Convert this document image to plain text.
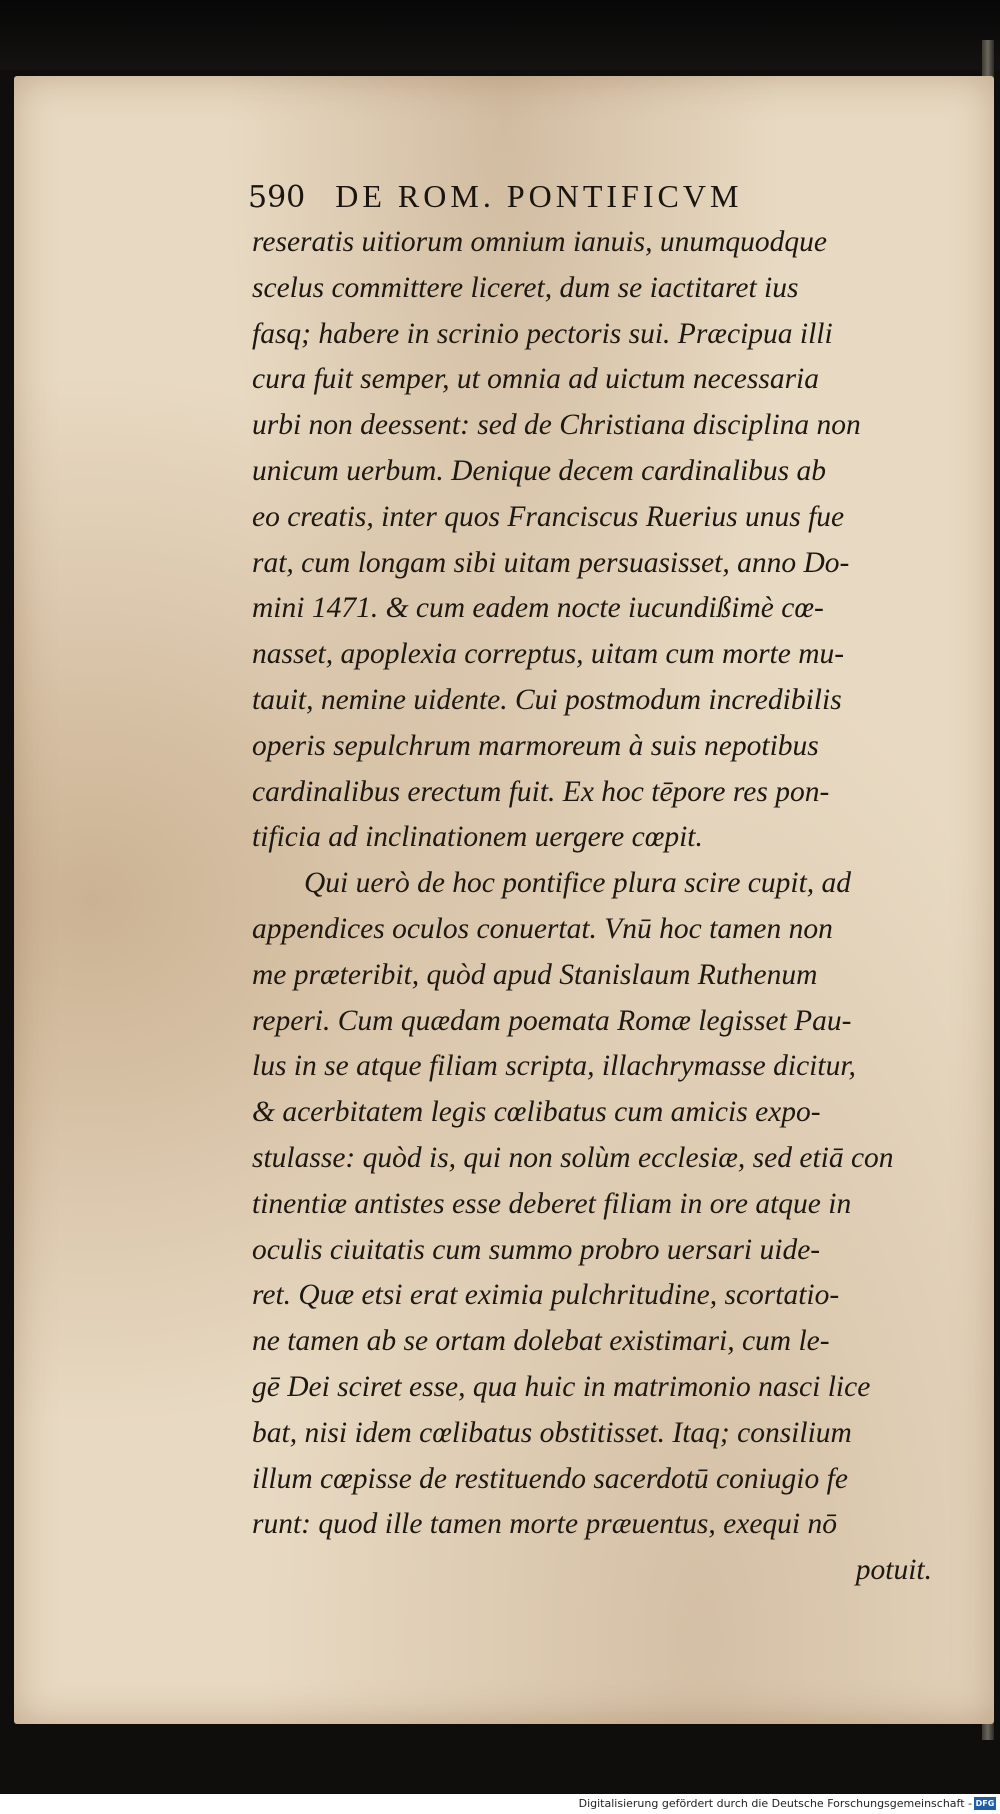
590 DE ROM. PONTIFICVM
reseratis uitiorum omnium ianuis, unumquodque
scelus committere liceret, dum se iactitaret ius
fasq; habere in scrinio pectoris sui. Præcipua illi
cura fuit semper, ut omnia ad uictum necessaria
urbi non deessent: sed de Christiana disciplina non
unicum uerbum. Denique decem cardinalibus ab
eo creatis, inter quos Franciscus Ruerius unus fue
rat, cum longam sibi uitam persuasisset, anno Do-
mini 1471. & cum eadem nocte iucundißimè cœ-
nasset, apoplexia correptus, uitam cum morte mu-
tauit, nemine uidente. Cui postmodum incredibilis
operis sepulchrum marmoreum à suis nepotibus
cardinalibus erectum fuit. Ex hoc tēpore res pon-
tificia ad inclinationem uergere cœpit.
Qui uerò de hoc pontifice plura scire cupit, ad
appendices oculos conuertat. Vnū hoc tamen non
me præteribit, quòd apud Stanislaum Ruthenum
reperi. Cum quædam poemata Romæ legisset Pau-
lus in se atque filiam scripta, illachrymasse dicitur,
& acerbitatem legis cœlibatus cum amicis expo-
stulasse: quòd is, qui non solùm ecclesiæ, sed etiā con
tinentiæ antistes esse deberet filiam in ore atque in
oculis ciuitatis cum summo probro uersari uide-
ret. Quæ etsi erat eximia pulchritudine, scortatio-
ne tamen ab se ortam dolebat existimari, cum le-
gē Dei sciret esse, qua huic in matrimonio nasci lice
bat, nisi idem cœlibatus obstitisset. Itaq; consilium
illum cœpisse de restituendo sacerdotū coniugio fe
runt: quod ille tamen morte præuentus, exequi nō
potuit.
Digitalisierung gefördert durch die Deutsche Forschungsgemeinschaft - DFG
